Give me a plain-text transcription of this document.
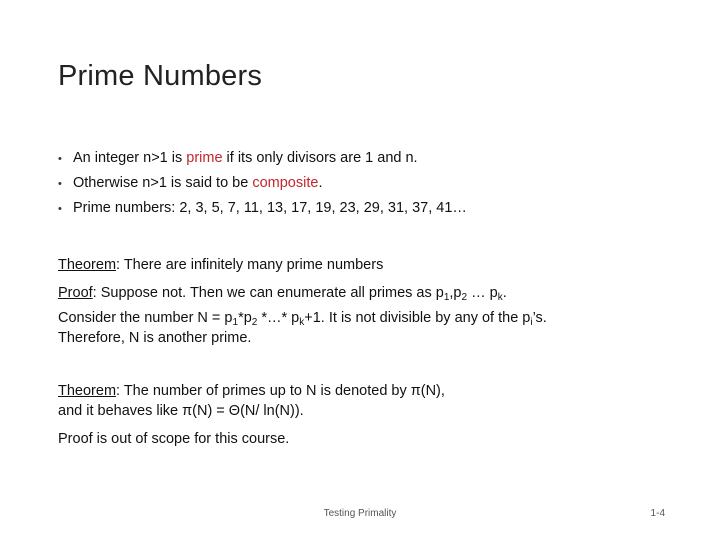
Prime Numbers
• An integer n>1 is prime if its only divisors are 1 and n.
• Otherwise n>1 is said to be composite.
• Prime numbers: 2, 3, 5, 7, 11, 13, 17, 19, 23, 29, 31, 37, 41…
Theorem: There are infinitely many prime numbers
Proof: Suppose not. Then we can enumerate all primes as $p_1,p_2$ … $p_k$.
Consider the number $N = p_1*p_2$ *…* $p_k+1$. It is not divisible by any of the $p_i’s$.
Therefore, N is another prime.
Theorem: The number of primes up to N is denoted by π(N),
and it behaves like π(N) = Θ(N/ ln(N)).
Proof is out of scope for this course.
Testing Primality	1-4
